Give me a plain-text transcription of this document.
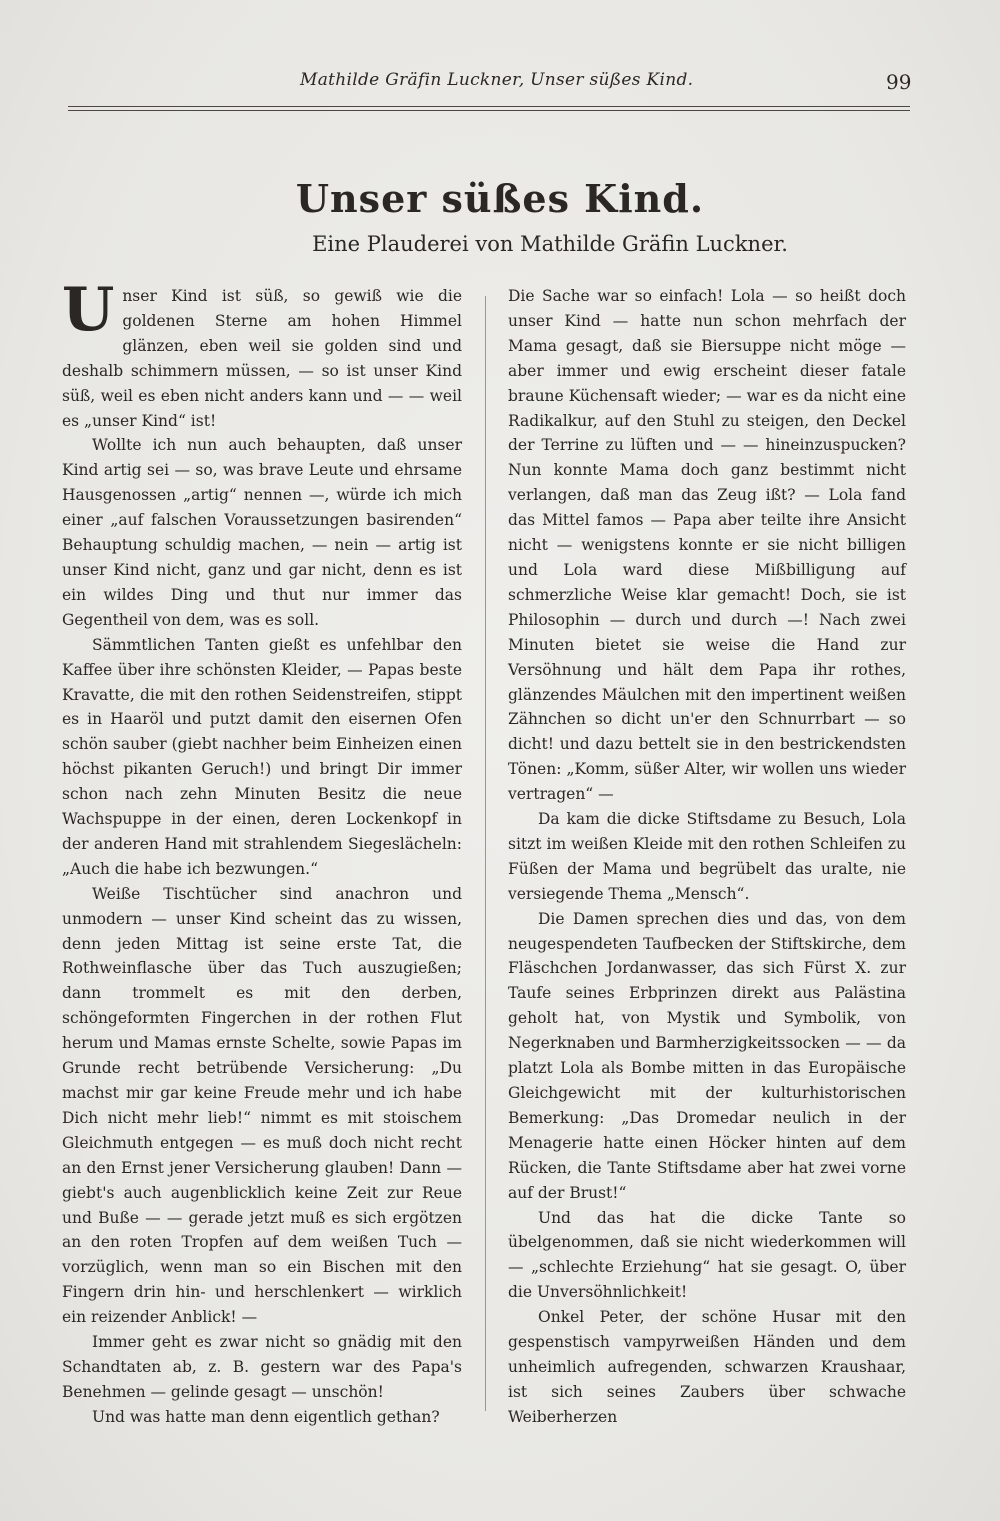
Mathilde Gräfin Luckner, Unser süßes Kind.	99
Unser süßes Kind.
Eine Plauderei von Mathilde Gräfin Luckner.

Unser Kind ist süß, so gewiß wie die goldenen Sterne am hohen Himmel glänzen, eben weil sie golden sind und deshalb schimmern müssen, — so ist unser Kind süß, weil es eben nicht anders kann und — — weil es „unser Kind“ ist!

Wollte ich nun auch behaupten, daß unser Kind artig sei — so, was brave Leute und ehrsame Hausgenossen „artig“ nennen —, würde ich mich einer „auf falschen Voraussetzungen basirenden“ Behauptung schuldig machen, — nein — artig ist unser Kind nicht, ganz und gar nicht, denn es ist ein wildes Ding und thut nur immer das Gegentheil von dem, was es soll.

Sämmtlichen Tanten gießt es unfehlbar den Kaffee über ihre schönsten Kleider, — Papas beste Kravatte, die mit den rothen Seidenstreifen, stippt es in Haaröl und putzt damit den eisernen Ofen schön sauber (giebt nachher beim Einheizen einen höchst pikanten Geruch!) und bringt Dir immer schon nach zehn Minuten Besitz die neue Wachspuppe in der einen, deren Lockenkopf in der anderen Hand mit strahlendem Siegeslächeln: „Auch die habe ich bezwungen.“

Weiße Tischtücher sind anachron und unmodern — unser Kind scheint das zu wissen, denn jeden Mittag ist seine erste Tat, die Rothweinflasche über das Tuch auszugießen; dann trommelt es mit den derben, schöngeformten Fingerchen in der rothen Flut herum und Mamas ernste Schelte, sowie Papas im Grunde recht betrübende Versicherung: „Du machst mir gar keine Freude mehr und ich habe Dich nicht mehr lieb!“ nimmt es mit stoischem Gleichmuth entgegen — es muß doch nicht recht an den Ernst jener Versicherung glauben! Dann — giebt's auch augenblicklich keine Zeit zur Reue und Buße — — gerade jetzt muß es sich ergötzen an den roten Tropfen auf dem weißen Tuch — vorzüglich, wenn man so ein Bischen mit den Fingern drin hin- und herschlenkert — wirklich ein reizender Anblick! —

Immer geht es zwar nicht so gnädig mit den Schandtaten ab, z. B. gestern war des Papa's Benehmen — gelinde gesagt — unschön!

Und was hatte man denn eigentlich gethan?

Die Sache war so einfach! Lola — so heißt doch unser Kind — hatte nun schon mehrfach der Mama gesagt, daß sie Biersuppe nicht möge — aber immer und ewig erscheint dieser fatale braune Küchensaft wieder; — war es da nicht eine Radikalkur, auf den Stuhl zu steigen, den Deckel der Terrine zu lüften und — — hineinzuspucken? Nun konnte Mama doch ganz bestimmt nicht verlangen, daß man das Zeug ißt? — Lola fand das Mittel famos — Papa aber teilte ihre Ansicht nicht — wenigstens konnte er sie nicht billigen und Lola ward diese Mißbilligung auf schmerzliche Weise klar gemacht! Doch, sie ist Philosophin — durch und durch —! Nach zwei Minuten bietet sie weise die Hand zur Versöhnung und hält dem Papa ihr rothes, glänzendes Mäulchen mit den impertinent weißen Zähnchen so dicht un'er den Schnurrbart — so dicht! und dazu bettelt sie in den bestrickendsten Tönen: „Komm, süßer Alter, wir wollen uns wieder vertragen“ —

Da kam die dicke Stiftsdame zu Besuch, Lola sitzt im weißen Kleide mit den rothen Schleifen zu Füßen der Mama und begrübelt das uralte, nie versiegende Thema „Mensch“.

Die Damen sprechen dies und das, von dem neugespendeten Taufbecken der Stiftskirche, dem Fläschchen Jordanwasser, das sich Fürst X. zur Taufe seines Erbprinzen direkt aus Palästina geholt hat, von Mystik und Symbolik, von Negerknaben und Barmherzigkeitssocken — — da platzt Lola als Bombe mitten in das Europäische Gleichgewicht mit der kulturhistorischen Bemerkung: „Das Dromedar neulich in der Menagerie hatte einen Höcker hinten auf dem Rücken, die Tante Stiftsdame aber hat zwei vorne auf der Brust!“

Und das hat die dicke Tante so übelgenommen, daß sie nicht wiederkommen will — „schlechte Erziehung“ hat sie gesagt. O, über die Unversöhnlichkeit!

Onkel Peter, der schöne Husar mit den gespenstisch vampyrweißen Händen und dem unheimlich aufregenden, schwarzen Kraushaar, ist sich seines Zaubers über schwache Weiberherzen
